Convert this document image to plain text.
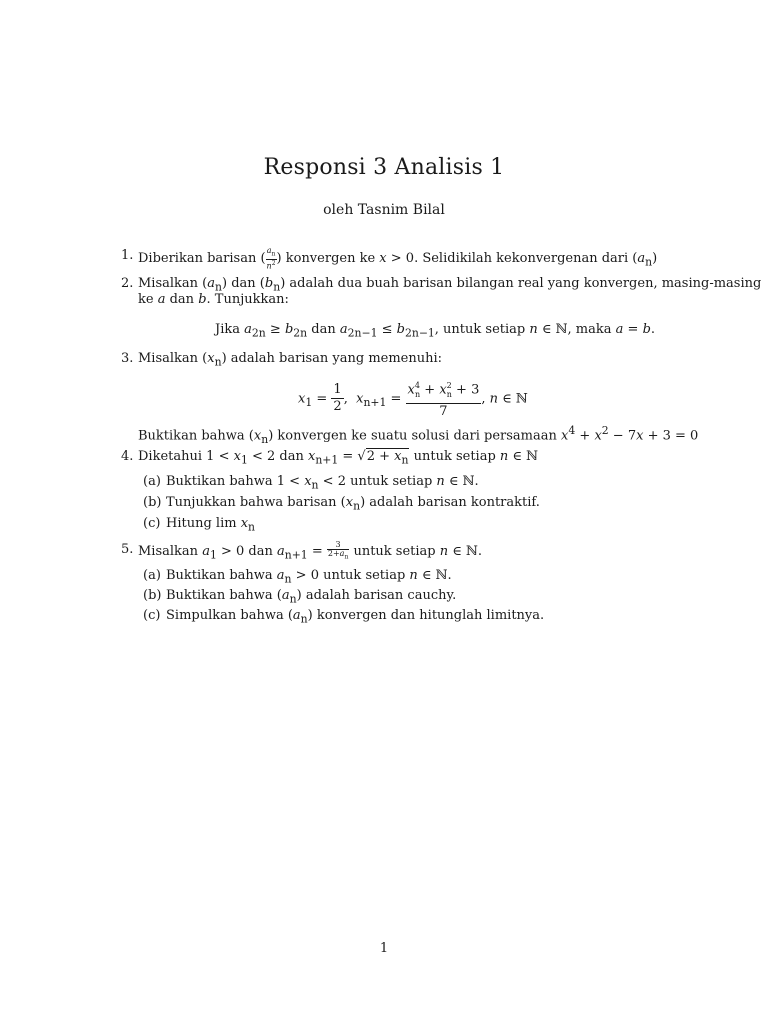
Responsi 3 Analisis 1
oleh Tasnim Bilal
1. Diberikan barisan ( $\frac{a_n}{n^2}$ ) konvergen ke x > 0. Selidikilah kekonvergenan dari $(a_n)$
2. Misalkan $(a_n)$ dan $(b_n)$ adalah dua buah barisan bilangan real yang konvergen, masing-masing
ke a dan b. Tunjukkan:
Jika $a_{2n} \ge b_{2n}$ dan $a_{2n-1} \le b_{2n-1}$, untuk setiap n ∈ ℕ, maka a = b.
3. Misalkan $(x_n)$ adalah barisan yang memenuhi:
$x_1 = \frac{1}{2}$ ,  $x_{n+1} = \frac{x^4_n + x^2_n + 3}{7}$ , n ∈ ℕ
Buktikan bahwa $(x_n)$ konvergen ke suatu solusi dari persamaan $x^4 + x^2 - 7x + 3 = 0$
4. Diketahui $1 < x_1 < 2$ dan $x_{n+1} = √2 + x_n$ untuk setiap n ∈ ℕ
(a) Buktikan bahwa $1 < x_n < 2$ untuk setiap n ∈ ℕ.
(b) Tunjukkan bahwa barisan $(x_n)$ adalah barisan kontraktif.
(c) Hitung $\lim x_n$
5. Misalkan $a_1 > 0$ dan $a_{n+1} = \frac{3}{2+a_n}$ untuk setiap n ∈ ℕ.
(a) Buktikan bahwa $a_n > 0$ untuk setiap n ∈ ℕ.
(b) Buktikan bahwa $(a_n)$ adalah barisan cauchy.
(c) Simpulkan bahwa $(a_n)$ konvergen dan hitunglah limitnya.
1
